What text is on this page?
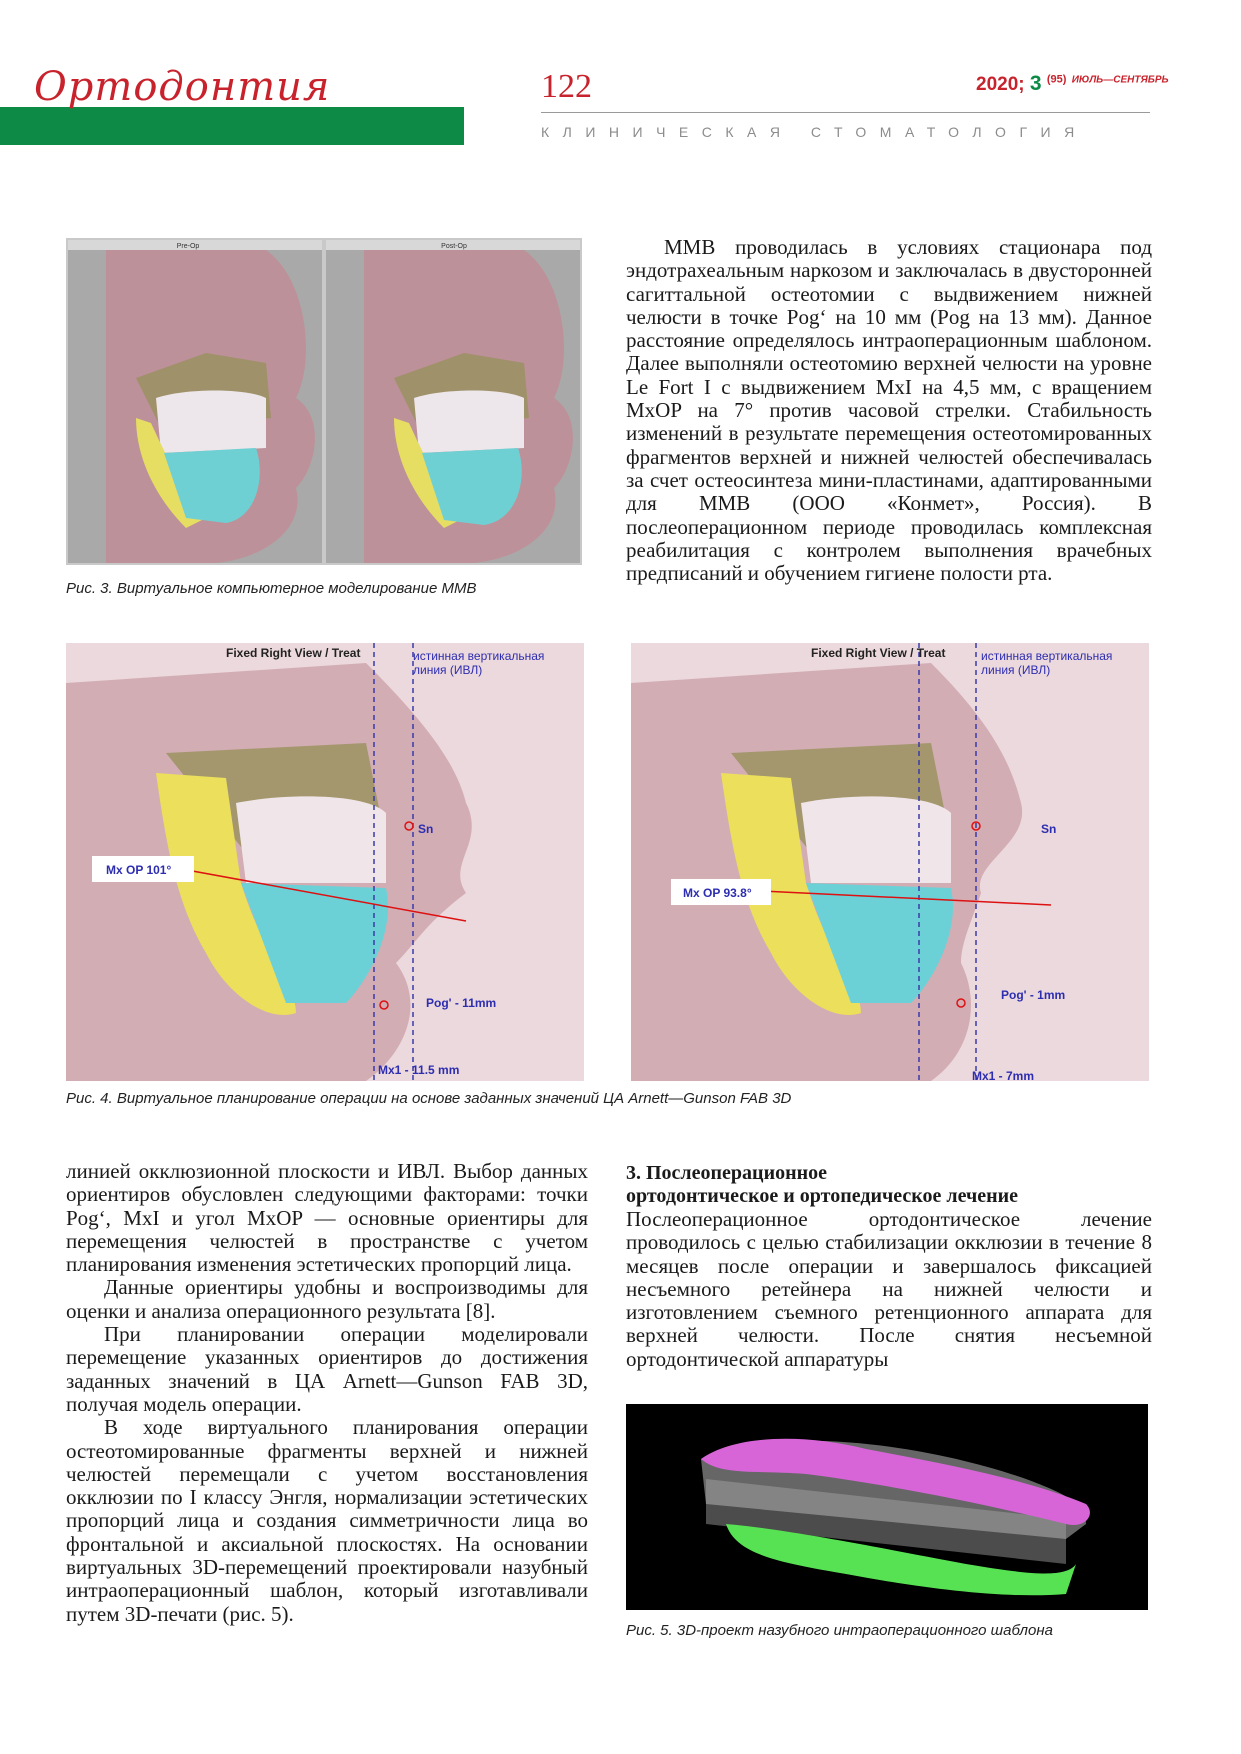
Ортодонтия	122	2020; 3 $^{(95)}$ $^{ИЮЛЬ—СЕНТЯБРЬ}$
КЛИНИЧЕСКАЯ СТОМАТОЛОГИЯ
Pre-Op	Post-Op
Рис. 3. Виртуальное компьютерное моделирование ММВ

ММВ проводилась в условиях стационара под эндотрахеальным наркозом и заключалась в двусторонней сагиттальной остеотомии с выдвижением нижней челюсти в точке Pog‘ на 10 мм (Pog на 13 мм). Данное расстояние определялось интраоперационным шаблоном. Далее выполняли остеотомию верхней челюсти на уровне Le Fort I с выдвижением MxI на 4,5 мм, с вращением MxOP на 7° против часовой стрелки. Стабильность изменений в результате перемещения остеотомированных фрагментов верхней и нижней челюстей обеспечивалась за счет остеосинтеза мини-пластинами, адаптированными для ММВ (ООО «Конмет», Россия). В послеоперационном периоде проводилась комплексная реабилитация с контролем выполнения врачебных предписаний и обучением гигиене полости рта.

Fixed Right View / Treat	истинная вертикальная
линия (ИВЛ)
Sn
Mx OP 101°
Pog' - 11mm
Mx1 - 11.5 mm
Fixed Right View / Treat	истинная вертикальная
линия (ИВЛ)
Sn
Mx OP 93.8°
Pog' - 1mm
Mx1 - 7mm
Рис. 4. Виртуальное планирование операции на основе заданных значений ЦА Arnett—Gunson FAB 3D

линией окклюзионной плоскости и ИВЛ. Выбор данных ориентиров обусловлен следующими факторами: точки Pog‘, MxI и угол MxOP — основные ориентиры для перемещения челюстей в пространстве с учетом планирования изменения эстетических пропорций лица.

Данные ориентиры удобны и воспроизводимы для оценки и анализа операционного результата [8].

При планировании операции моделировали перемещение указанных ориентиров до достижения заданных значений в ЦА Arnett—Gunson FAB 3D, получая модель операции.

В ходе виртуального планирования операции остеотомированные фрагменты верхней и нижней челюстей перемещали с учетом восстановления окклюзии по I классу Энгля, нормализации эстетических пропорций лица и создания симметричности лица во фронтальной и аксиальной плоскостях. На основании виртуальных 3D-перемещений проектировали назубный интраоперационный шаблон, который изготавливали путем 3D-печати (рис. 5).

3. Послеоперационное
ортодонтическое и ортопедическое лечение

Послеоперационное ортодонтическое лечение проводилось с целью стабилизации окклюзии в течение 8 месяцев после операции и завершалось фиксацией несъемного ретейнера на нижней челюсти и изготовлением съемного ретенционного аппарата для верхней челюсти. После снятия несъемной ортодонтической аппаратуры

Рис. 5. 3D-проект назубного интраоперационного шаблона
